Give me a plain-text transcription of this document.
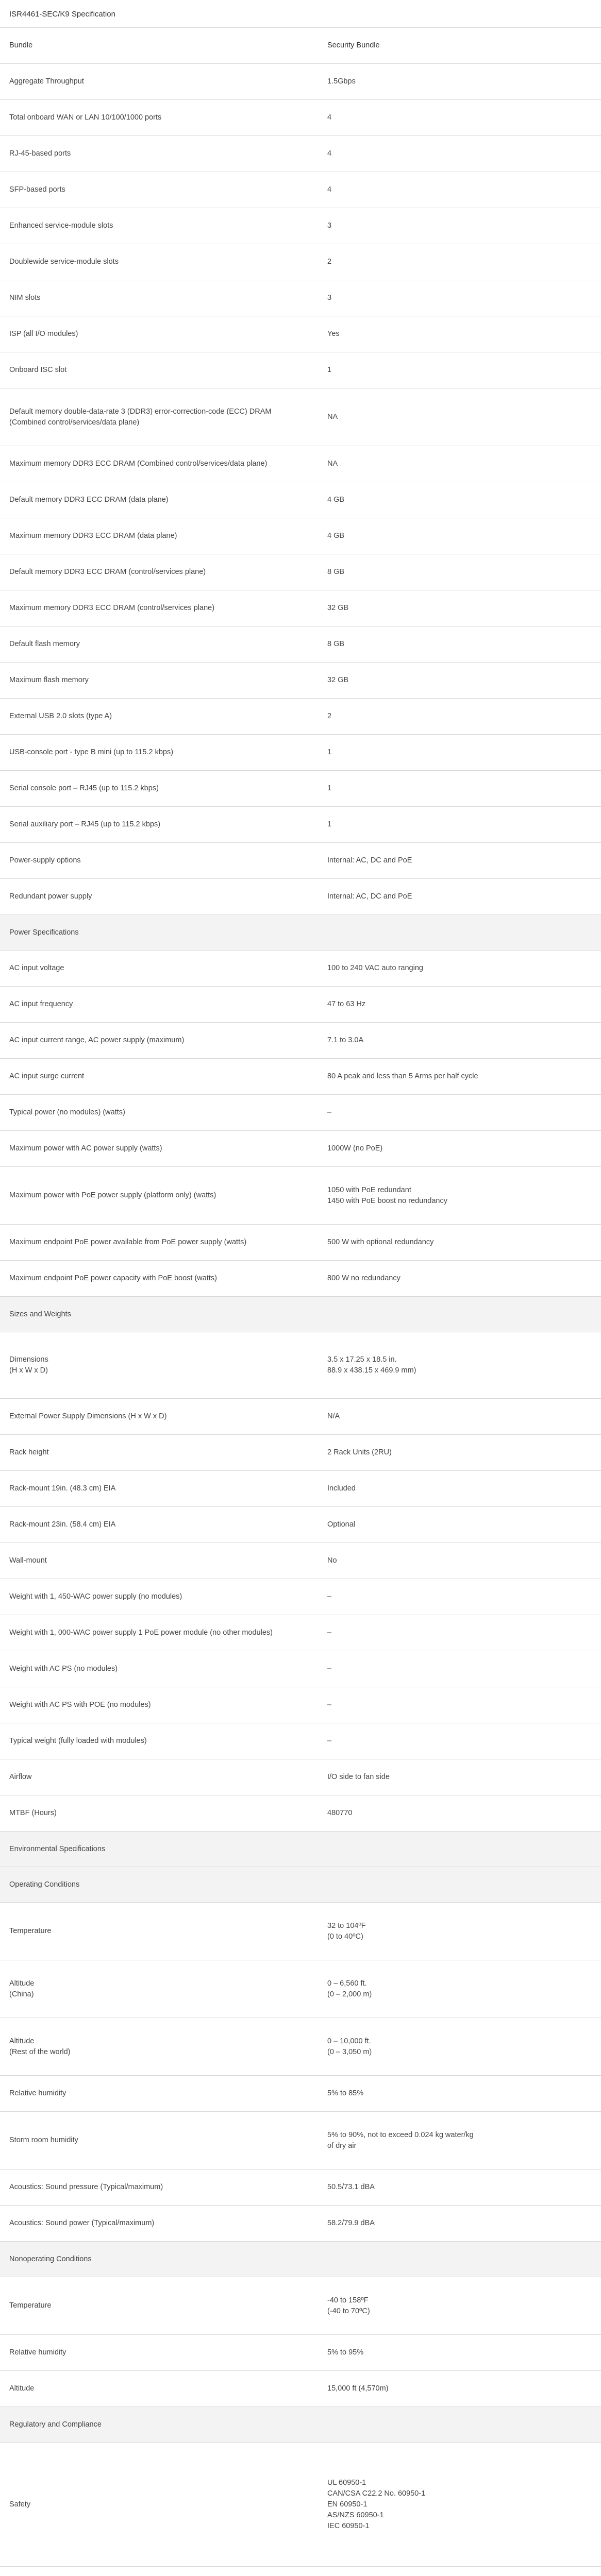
ISR4461-SEC/K9 Specification
Bundle	Security Bundle
Aggregate Throughput	1.5Gbps
Total onboard WAN or LAN 10/100/1000 ports	4
RJ-45-based ports	4
SFP-based ports	4
Enhanced service-module slots	3
Doublewide service-module slots	2
NIM slots	3
ISP (all I/O modules)	Yes
Onboard ISC slot	1
Default memory double-data-rate 3 (DDR3) error-correction-code (ECC) DRAM (Combined control/services/data plane)	NA
Maximum memory DDR3 ECC DRAM (Combined control/services/data plane)	NA
Default memory DDR3 ECC DRAM (data plane)	4 GB
Maximum memory DDR3 ECC DRAM (data plane)	4 GB
Default memory DDR3 ECC DRAM (control/services plane)	8 GB
Maximum memory DDR3 ECC DRAM (control/services plane)	32 GB
Default flash memory	8 GB
Maximum flash memory	32 GB
External USB 2.0 slots (type A)	2
USB-console port - type B mini (up to 115.2 kbps)	1
Serial console port – RJ45 (up to 115.2 kbps)	1
Serial auxiliary port – RJ45 (up to 115.2 kbps)	1
Power-supply options	Internal: AC, DC and PoE
Redundant power supply	Internal: AC, DC and PoE
Power Specifications	
AC input voltage	100 to 240 VAC auto ranging
AC input frequency	47 to 63 Hz
AC input current range, AC power supply (maximum)	7.1 to 3.0A
AC input surge current	80 A peak and less than 5 Arms per half cycle
Typical power (no modules) (watts)	–
Maximum power with AC power supply (watts)	1000W (no PoE)
Maximum power with PoE power supply (platform only) (watts)	1050 with PoE redundant
1450 with PoE boost no redundancy

Maximum endpoint PoE power available from PoE power supply (watts)	500 W with optional redundancy
Maximum endpoint PoE power capacity with PoE boost (watts)	800 W no redundancy
Sizes and Weights	

Dimensions
(H x W x D)	3.5 x 17.25 x 18.5 in.
88.9 x 438.15 x 469.9 mm)

External Power Supply Dimensions (H x W x D)	N/A
Rack height	2 Rack Units (2RU)
Rack-mount 19in. (48.3 cm) EIA	Included
Rack-mount 23in. (58.4 cm) EIA	Optional
Wall-mount	No
Weight with 1, 450-WAC power supply (no modules)	–
Weight with 1, 000-WAC power supply 1 PoE power module (no other modules)	–
Weight with AC PS (no modules)	–
Weight with AC PS with POE (no modules)	–
Typical weight (fully loaded with modules)	–
Airflow	I/O side to fan side
MTBF (Hours)	480770
Environmental Specifications	
Operating Conditions	
Temperature	32 to 104ºF
(0 to 40ºC)

Altitude
(China)	0 – 6,560 ft.
(0 – 2,000 m)

Altitude
(Rest of the world)	0 – 10,000 ft.
(0 – 3,050 m)

Relative humidity	5% to 85%
Storm room humidity	5% to 90%, not to exceed 0.024 kg water/kg
of dry air

Acoustics: Sound pressure (Typical/maximum)	50.5/73.1 dBA
Acoustics: Sound power (Typical/maximum)	58.2/79.9 dBA
Nonoperating Conditions	
Temperature	-40 to 158ºF
(-40 to 70ºC)

Relative humidity	5% to 95%
Altitude	15,000 ft (4,570m)
Regulatory and Compliance	
Safety	UL 60950-1
CAN/CSA C22.2 No. 60950-1
EN 60950-1
AS/NZS 60950-1
IEC 60950-1
